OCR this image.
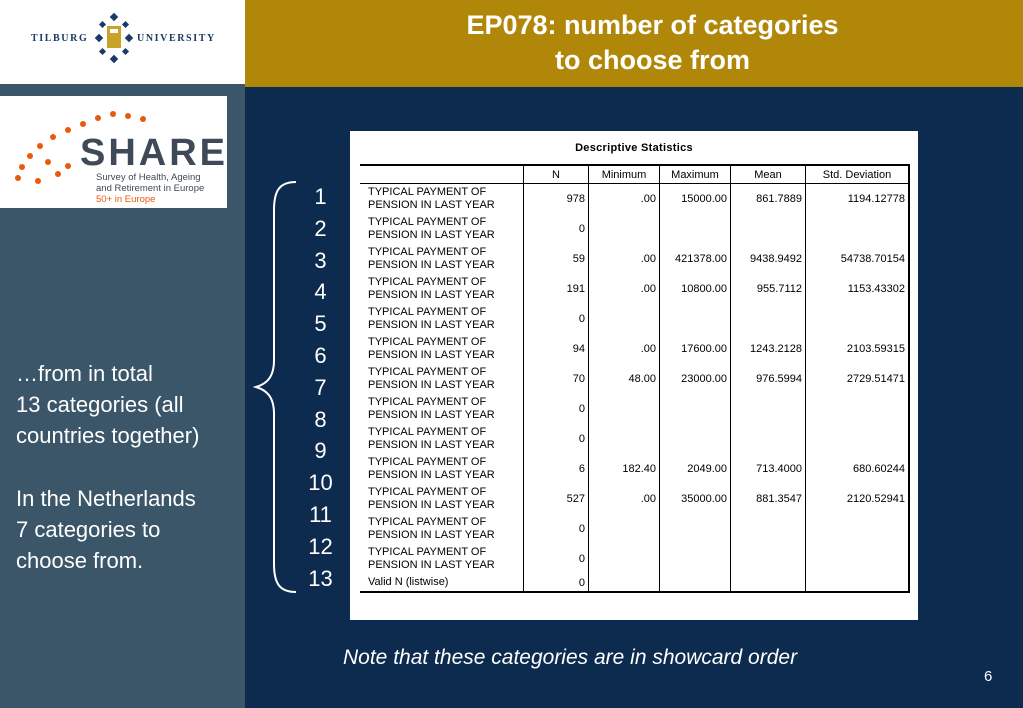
TILBURG	UNIVERSITY	EP078: number of categories
to choose from
SHARE
Survey of Health, Ageing
and Retirement in Europe
50+ in Europe
…from in total
13 categories (all
countries together)
In the Netherlands
7 categories to
choose from.
1
2
3
4
5
6
7
8
9
10
11
12
13
Descriptive Statistics
	N	Minimum	Maximum	Mean	Std. Deviation

TYPICAL PAYMENT OF
PENSION IN LAST YEAR	978	.00	15000.00	861.7889	1194.12778

TYPICAL PAYMENT OF
PENSION IN LAST YEAR	0				

TYPICAL PAYMENT OF
PENSION IN LAST YEAR	59	.00	421378.00	9438.9492	54738.70154

TYPICAL PAYMENT OF
PENSION IN LAST YEAR	191	.00	10800.00	955.7112	1153.43302

TYPICAL PAYMENT OF
PENSION IN LAST YEAR	0				

TYPICAL PAYMENT OF
PENSION IN LAST YEAR	94	.00	17600.00	1243.2128	2103.59315

TYPICAL PAYMENT OF
PENSION IN LAST YEAR	70	48.00	23000.00	976.5994	2729.51471

TYPICAL PAYMENT OF
PENSION IN LAST YEAR	0				

TYPICAL PAYMENT OF
PENSION IN LAST YEAR	0				

TYPICAL PAYMENT OF
PENSION IN LAST YEAR	6	182.40	2049.00	713.4000	680.60244

TYPICAL PAYMENT OF
PENSION IN LAST YEAR	527	.00	35000.00	881.3547	2120.52941

TYPICAL PAYMENT OF
PENSION IN LAST YEAR	0				

TYPICAL PAYMENT OF
PENSION IN LAST YEAR	0				
Valid N (listwise)	0				
Note that these categories are in showcard order
6
